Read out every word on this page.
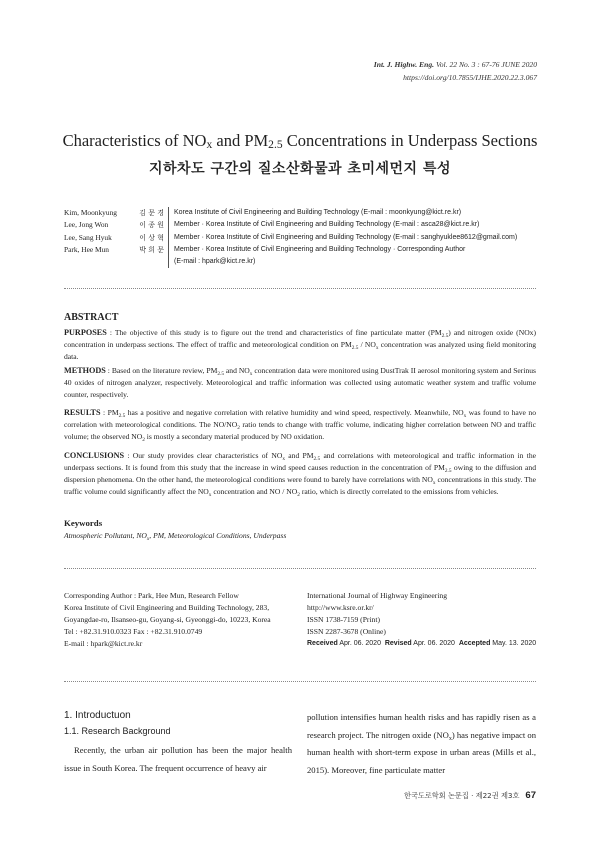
Int. J. Highw. Eng. Vol. 22 No. 3 : 67-76 JUNE 2020
https://doi.org/10.7855/IJHE.2020.22.3.067
Characteristics of $NO_x$ and $PM_{2.5}$ Concentrations in Underpass Sections
지하차도 구간의 질소산화물과 초미세먼지 특성
Kim, Moonkyung	김 문 경	Korea Institute of Civil Engineering and Building Technology (E-mail : moonkyung@kict.re.kr)
Lee, Jong Won	이 종 원	Member · Korea Institute of Civil Engineering and Building Technology (E-mail : asca28@kict.re.kr)
Lee, Sang Hyuk	이 상 혁	Member · Korea Institute of Civil Engineering and Building Technology (E-mail : sanghyuklee8612@gmail.com)
Park, Hee Mun	박 희 문	Member · Korea Institute of Civil Engineering and Building Technology · Corresponding Author
(E-mail : hpark@kict.re.kr)
ABSTRACT
PURPOSES : The objective of this study is to figure out the trend and characteristics of fine particulate matter $(PM_{2.5})$ and nitrogen oxide (NOx) concentration in underpass sections. The effect of traffic and meteorological condition on $PM_{2.5} / NO_x$ concentration was analyzed using field monitoring data.
METHODS : Based on the literature review, $PM_{2.5}$ and $NO_x$ concentration data were monitored using DustTrak II aerosol monitoring system and Serinus 40 oxides of nitrogen analyzer, respectively. Meteorological and traffic information was collected using automatic weather system and traffic volume counter, respectively.
RESULTS : $PM_{2.5}$ has a positive and negative correlation with relative humidity and wind speed, respectively. Meanwhile, $NO_x$ was found to have no correlation with meteorological conditions. The $NO/NO_2$ ratio tends to change with traffic volume, indicating higher correlation between NO and traffic volume; the observed $NO_2$ is mostly a secondary material produced by NO oxidation.
CONCLUSIONS : Our study provides clear characteristics of $NO_x$ and $PM_{2.5}$ and correlations with meteorological and traffic information in the underpass sections. It is found from this study that the increase in wind speed causes reduction in the concentration of $PM_{2.5}$ owing to the diffusion and dispersion phenomena. On the other hand, the meteorological conditions were found to barely have correlations with $NO_x$ concentrations in this study. The traffic volume could significantly affect the $NO_x$ concentration and NO / $NO_2$ ratio, which is directly correlated to the emissions from vehicles.
Keywords
Atmospheric Pollutant, $NO_x$, PM, Meteorological Conditions, Underpass
Corresponding Author : Park, Hee Mun, Research Fellow
Korea Institute of Civil Engineering and Building Technology, 283,
Goyangdae-ro, Ilsanseo-gu, Goyang-si, Gyeonggi-do, 10223, Korea
Tel : +82.31.910.0323 Fax : +82.31.910.0749
E-mail : hpark@kict.re.kr
International Journal of Highway Engineering
http://www.ksre.or.kr/
ISSN 1738-7159 (Print)
ISSN 2287-3678 (Online)
Received Apr. 06. 2020 Revised Apr. 06. 2020 Accepted May. 13. 2020
1. Introductuon
1.1. Research Background
Recently, the urban air pollution has been the major health issue in South Korea. The frequent occurrence of heavy air
pollution intensifies human health risks and has rapidly risen as a research project. The nitrogen oxide $(NO_x)$ has negative impact on human health with short-term expose in urban areas (Mills et al., 2015). Moreover, fine particulate matter
한국도로학회 논문집 · 제22권 제3호 67
